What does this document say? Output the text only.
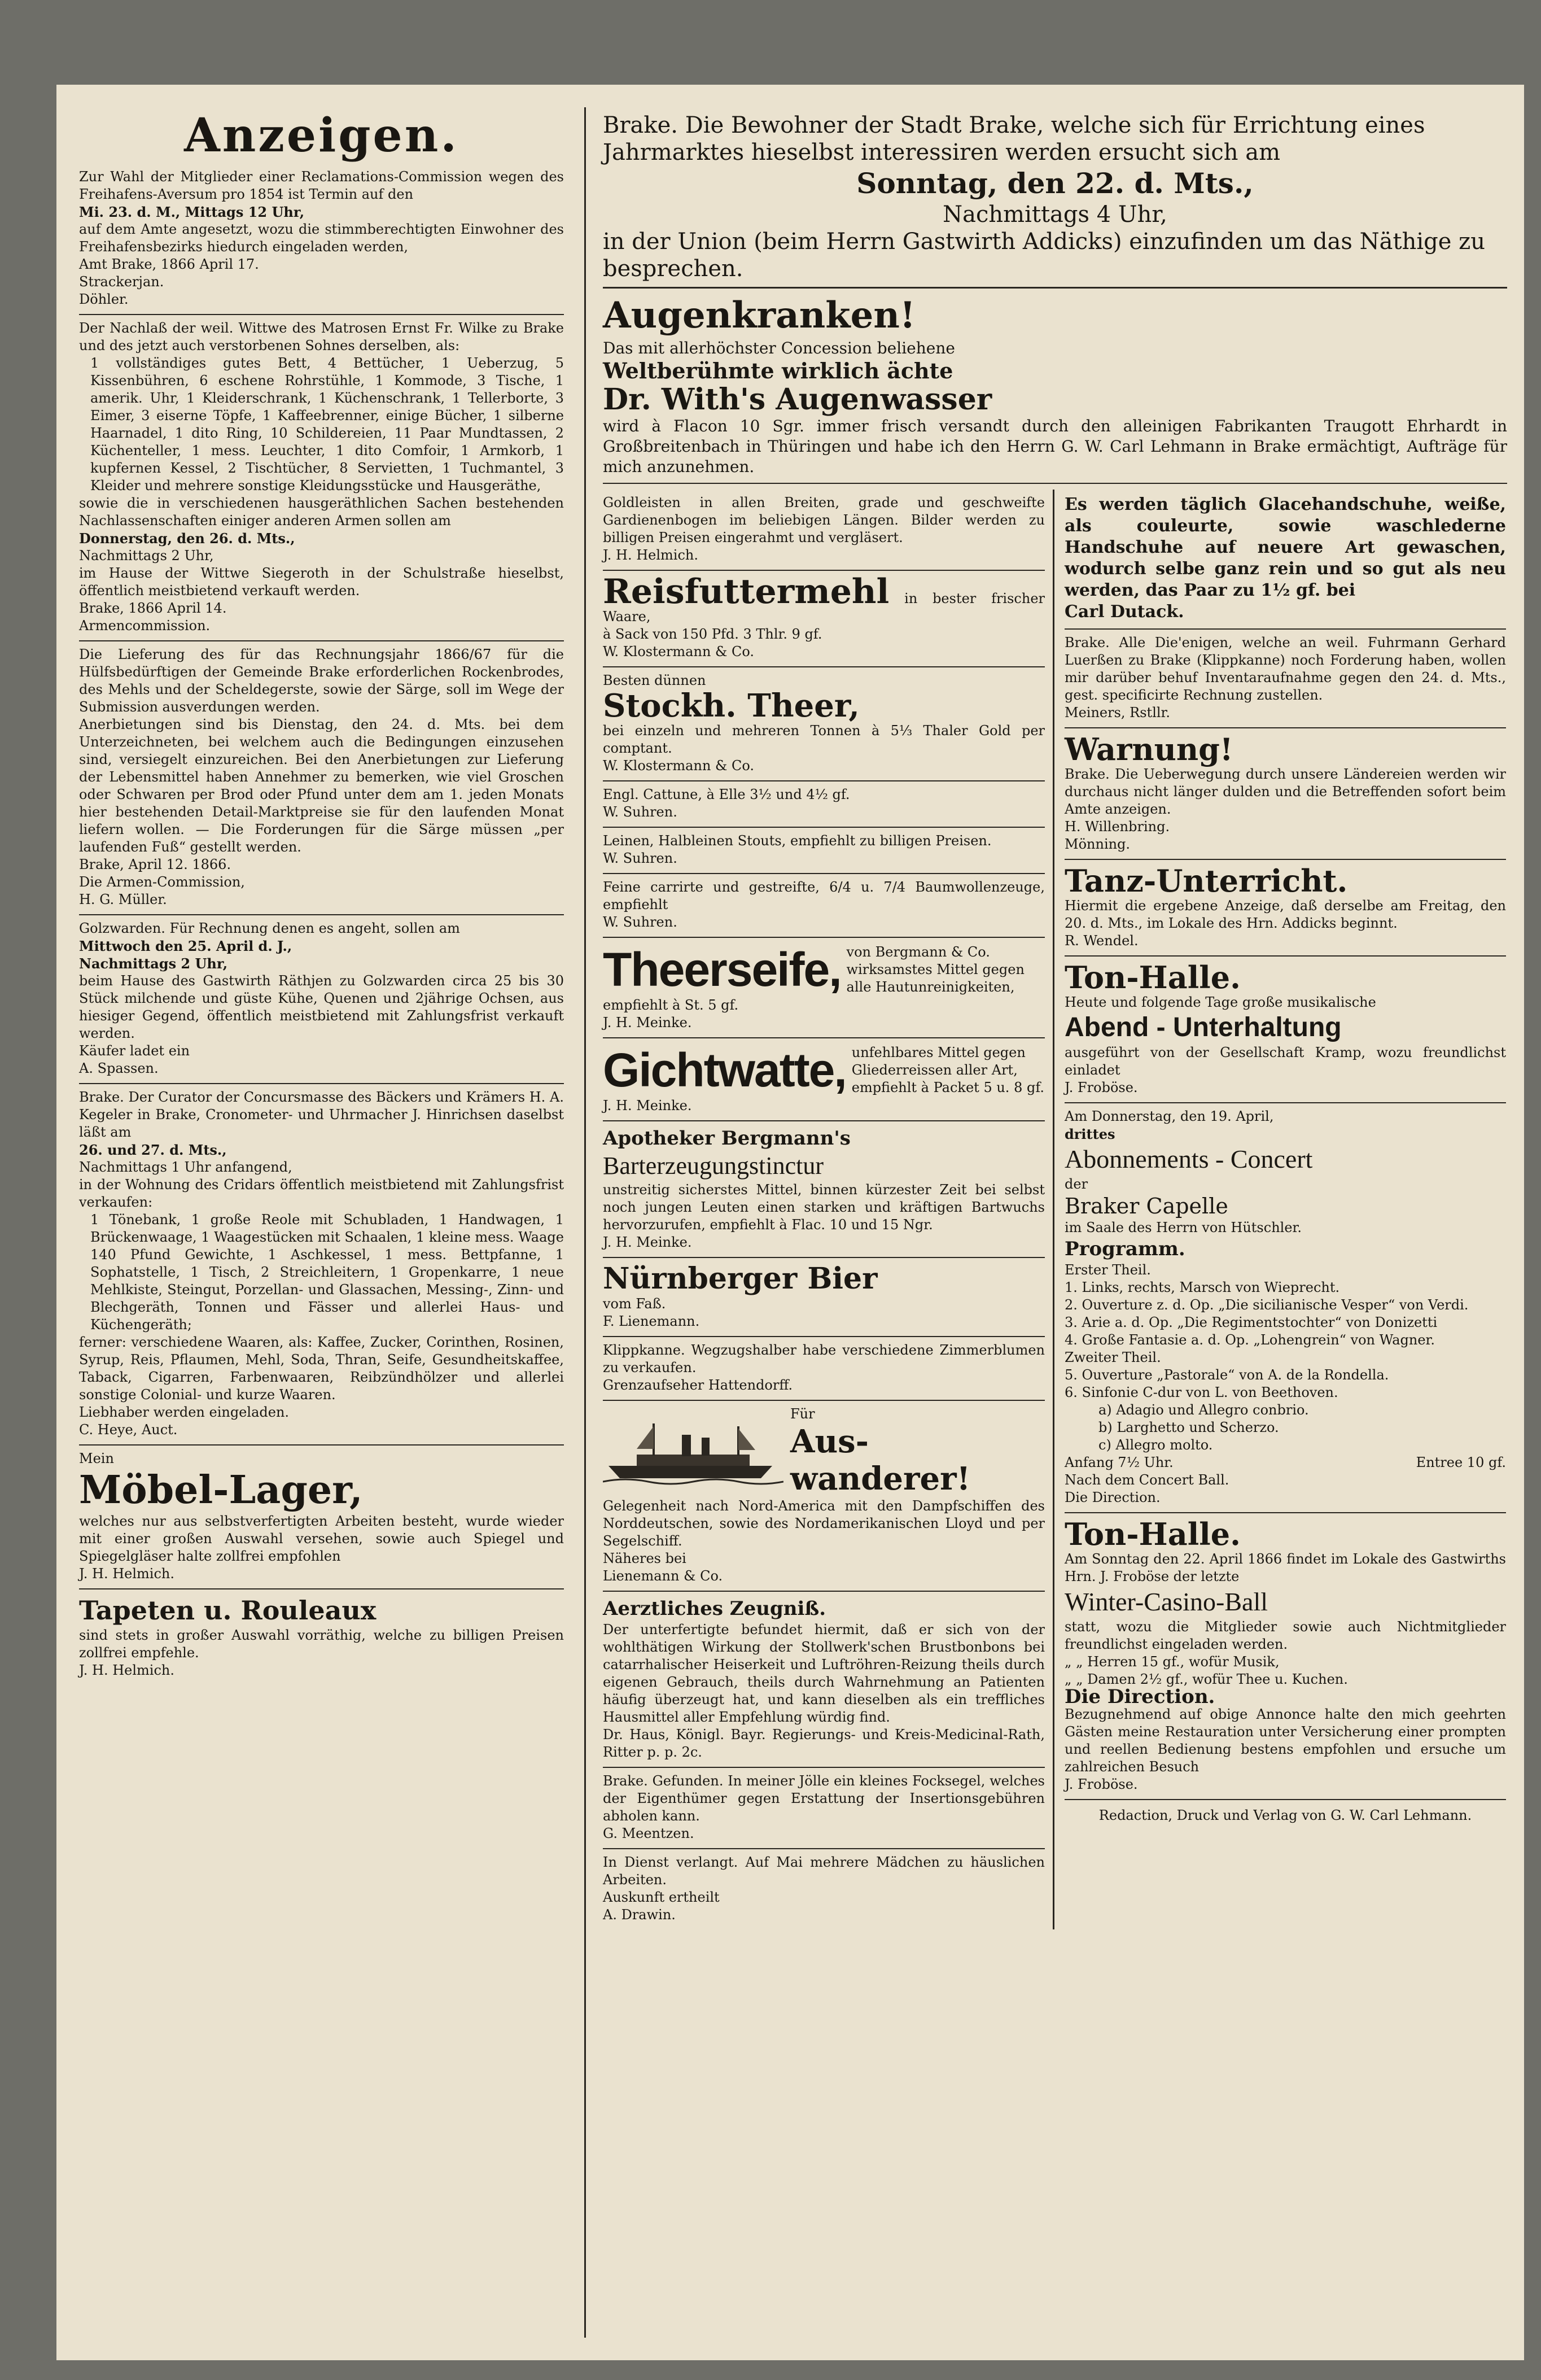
Anzeigen.

Zur Wahl der Mitglieder einer Reclamations-Commission wegen des Freihafens-Aversum pro 1854 ist Termin auf den

Mi. 23. d. M., Mittags 12 Uhr,

auf dem Amte angesetzt, wozu die stimmberechtigten Einwohner des Freihafensbezirks hiedurch eingeladen werden,

Amt Brake, 1866 April 17.

Strackerjan.

Döhler.

Der Nachlaß der weil. Wittwe des Matrosen Ernst Fr. Wilke zu Brake und des jetzt auch verstorbenen Sohnes derselben, als:

1 vollständiges gutes Bett, 4 Bettücher, 1 Ueberzug, 5 Kissenbühren, 6 eschene Rohrstühle, 1 Kommode, 3 Tische, 1 amerik. Uhr, 1 Kleiderschrank, 1 Küchenschrank, 1 Tellerborte, 3 Eimer, 3 eiserne Töpfe, 1 Kaffeebrenner, einige Bücher, 1 silberne Haarnadel, 1 dito Ring, 10 Schildereien, 11 Paar Mundtassen, 2 Küchenteller, 1 mess. Leuchter, 1 dito Comfoir, 1 Armkorb, 1 kupfernen Kessel, 2 Tischtücher, 8 Servietten, 1 Tuchmantel, 3 Kleider und mehrere sonstige Kleidungsstücke und Hausgeräthe,

sowie die in verschiedenen hausgeräthlichen Sachen bestehenden Nachlassenschaften einiger anderen Armen sollen am

Donnerstag, den 26. d. Mts.,

Nachmittags 2 Uhr,

im Hause der Wittwe Siegeroth in der Schulstraße hieselbst, öffentlich meistbietend verkauft werden.

Brake, 1866 April 14.

Armencommission.

Die Lieferung des für das Rechnungsjahr 1866/67 für die Hülfsbedürftigen der Gemeinde Brake erforderlichen Rockenbrodes, des Mehls und der Scheldegerste, sowie der Särge, soll im Wege der Submission ausverdungen werden.

Anerbietungen sind bis Dienstag, den 24. d. Mts. bei dem Unterzeichneten, bei welchem auch die Bedingungen einzusehen sind, versiegelt einzureichen. Bei den Anerbietungen zur Lieferung der Lebensmittel haben Annehmer zu bemerken, wie viel Groschen oder Schwaren per Brod oder Pfund unter dem am 1. jeden Monats hier bestehenden Detail-Marktpreise sie für den laufenden Monat liefern wollen. — Die Forderungen für die Särge müssen „per laufenden Fuß“ gestellt werden.

Brake, April 12. 1866.

Die Armen-Commission,

H. G. Müller.

Golzwarden. Für Rechnung denen es angeht, sollen am

Mittwoch den 25. April d. J.,

Nachmittags 2 Uhr,

beim Hause des Gastwirth Räthjen zu Golzwarden circa 25 bis 30 Stück milchende und güste Kühe, Quenen und 2jährige Ochsen, aus hiesiger Gegend, öffentlich meistbietend mit Zahlungsfrist verkauft werden.

Käufer ladet ein

A. Spassen.

Brake. Der Curator der Concursmasse des Bäckers und Krämers H. A. Kegeler in Brake, Cronometer- und Uhrmacher J. Hinrichsen daselbst läßt am

26. und 27. d. Mts.,

Nachmittags 1 Uhr anfangend,

in der Wohnung des Cridars öffentlich meistbietend mit Zahlungsfrist verkaufen:

1 Tönebank, 1 große Reole mit Schubladen, 1 Handwagen, 1 Brückenwaage, 1 Waagestücken mit Schaalen, 1 kleine mess. Waage 140 Pfund Gewichte, 1 Aschkessel, 1 mess. Bettpfanne, 1 Sophatstelle, 1 Tisch, 2 Streichleitern, 1 Gropenkarre, 1 neue Mehlkiste, Steingut, Porzellan- und Glassachen, Messing-, Zinn- und Blechgeräth, Tonnen und Fässer und allerlei Haus- und Küchengeräth;

ferner: verschiedene Waaren, als: Kaffee, Zucker, Corinthen, Rosinen, Syrup, Reis, Pflaumen, Mehl, Soda, Thran, Seife, Gesundheitskaffee, Taback, Cigarren, Farbenwaaren, Reibzündhölzer und allerlei sonstige Colonial- und kurze Waaren.

Liebhaber werden eingeladen.

C. Heye, Auct.

Mein

Möbel-Lager,

welches nur aus selbstverfertigten Arbeiten besteht, wurde wieder mit einer großen Auswahl versehen, sowie auch Spiegel und Spiegelgläser halte zollfrei empfohlen

J. H. Helmich.

Tapeten u. Rouleaux

sind stets in großer Auswahl vorräthig, welche zu billigen Preisen zollfrei empfehle.

J. H. Helmich.

Brake. Die Bewohner der Stadt Brake, welche sich für Errichtung eines Jahrmarktes hieselbst interessiren werden ersucht sich am

Sonntag, den 22. d. Mts.,

Nachmittags 4 Uhr,

in der Union (beim Herrn Gastwirth Addicks) einzufinden um das Näthige zu besprechen.

Augenkranken!

Das mit allerhöchster Concession beliehene

Weltberühmte wirklich ächte

Dr. With's Augenwasser

wird à Flacon 10 Sgr. immer frisch versandt durch den alleinigen Fabrikanten Traugott Ehrhardt in Großbreitenbach in Thüringen und habe ich den Herrn G. W. Carl Lehmann in Brake ermächtigt, Aufträge für mich anzunehmen.

Goldleisten in allen Breiten, grade und geschweifte Gardienenbogen im beliebigen Längen. Bilder werden zu billigen Preisen eingerahmt und vergläsert.

J. H. Helmich.

Reisfuttermehl in bester frischer Waare,

à Sack von 150 Pfd. 3 Thlr. 9 gf.

W. Klostermann & Co.

Besten dünnen

Stockh. Theer,

bei einzeln und mehreren Tonnen à 5⅓ Thaler Gold per comptant.

W. Klostermann & Co.

Engl. Cattune, à Elle 3½ und 4½ gf.

W. Suhren.

Leinen, Halbleinen Stouts, empfiehlt zu billigen Preisen.

W. Suhren.

Feine carrirte und gestreifte, 6/4 u. 7/4 Baumwollenzeuge, empfiehlt

W. Suhren.

Theerseife, von Bergmann & Co. wirksamstes Mittel gegen alle Hautunreinigkeiten,

empfiehlt à St. 5 gf.

J. H. Meinke.

Gichtwatte, unfehlbares Mittel gegen Gliederreissen aller Art, empfiehlt à Packet 5 u. 8 gf.

J. H. Meinke.

Apotheker Bergmann's

Barterzeugungstinctur

unstreitig sicherstes Mittel, binnen kürzester Zeit bei selbst noch jungen Leuten einen starken und kräftigen Bartwuchs hervorzurufen, empfiehlt à Flac. 10 und 15 Ngr.

J. H. Meinke.

Nürnberger Bier

vom Faß.

F. Lienemann.

Klippkanne. Wegzugshalber habe verschiedene Zimmerblumen zu verkaufen.

Grenzaufseher Hattendorff.

Für

Aus-wanderer!

Gelegenheit nach Nord-America mit den Dampfschiffen des Norddeutschen, sowie des Nordamerikanischen Lloyd und per Segelschiff.

Näheres bei

Lienemann & Co.

Aerztliches Zeugniß.

Der unterfertigte befundet hiermit, daß er sich von der wohlthätigen Wirkung der Stollwerk'schen Brustbonbons bei catarrhalischer Heiserkeit und Luftröhren-Reizung theils durch eigenen Gebrauch, theils durch Wahrnehmung an Patienten häufig überzeugt hat, und kann dieselben als ein treffliches Hausmittel aller Empfehlung würdig find.

Dr. Haus, Königl. Bayr. Regierungs- und Kreis-Medicinal-Rath, Ritter p. p. 2c.

Brake. Gefunden. In meiner Jölle ein kleines Focksegel, welches der Eigenthümer gegen Erstattung der Insertionsgebühren abholen kann.

G. Meentzen.

In Dienst verlangt. Auf Mai mehrere Mädchen zu häuslichen Arbeiten.

Auskunft ertheilt

A. Drawin.

Es werden täglich Glacehandschuhe, weiße, als couleurte, sowie waschlederne Handschuhe auf neuere Art gewaschen, wodurch selbe ganz rein und so gut als neu werden, das Paar zu 1½ gf. bei

Carl Dutack.

Brake. Alle Die'enigen, welche an weil. Fuhrmann Gerhard Luerßen zu Brake (Klippkanne) noch Forderung haben, wollen mir darüber behuf Inventaraufnahme gegen den 24. d. Mts., gest. specificirte Rechnung zustellen.

Meiners, Rstllr.

Warnung!

Brake. Die Ueberwegung durch unsere Ländereien werden wir durchaus nicht länger dulden und die Betreffenden sofort beim Amte anzeigen.

H. Willenbring.

Mönning.

Tanz-Unterricht.

Hiermit die ergebene Anzeige, daß derselbe am Freitag, den 20. d. Mts., im Lokale des Hrn. Addicks beginnt.

R. Wendel.

Ton-Halle.

Heute und folgende Tage große musikalische

Abend - Unterhaltung

ausgeführt von der Gesellschaft Kramp, wozu freundlichst einladet

J. Froböse.

Am Donnerstag, den 19. April,

drittes

Abonnements - Concert

der

Braker Capelle

im Saale des Herrn von Hütschler.

Programm.

Erster Theil.

1. Links, rechts, Marsch von Wieprecht.
2. Ouverture z. d. Op. „Die sicilianische Vesper“ von Verdi.
3. Arie a. d. Op. „Die Regimentstochter“ von Donizetti
4. Große Fantasie a. d. Op. „Lohengrein“ von Wagner.

Zweiter Theil.

5. Ouverture „Pastorale“ von A. de la Rondella.
6. Sinfonie C-dur von L. von Beethoven.
a) Adagio und Allegro conbrio.
b) Larghetto und Scherzo.
c) Allegro molto.

Anfang 7½ Uhr.	Entree 10 gf.

Nach dem Concert Ball.

Die Direction.

Ton-Halle.

Am Sonntag den 22. April 1866 findet im Lokale des Gastwirths Hrn. J. Froböse der letzte

Winter-Casino-Ball

statt, wozu die Mitglieder sowie auch Nichtmitglieder freundlichst eingeladen werden.

„ „ Herren 15 gf., wofür Musik,

„ „ Damen 2½ gf., wofür Thee u. Kuchen.

Die Direction.

Bezugnehmend auf obige Annonce halte den mich geehrten Gästen meine Restauration unter Versicherung einer prompten und reellen Bedienung bestens empfohlen und ersuche um zahlreichen Besuch

J. Froböse.

Redaction, Druck und Verlag von G. W. Carl Lehmann.
